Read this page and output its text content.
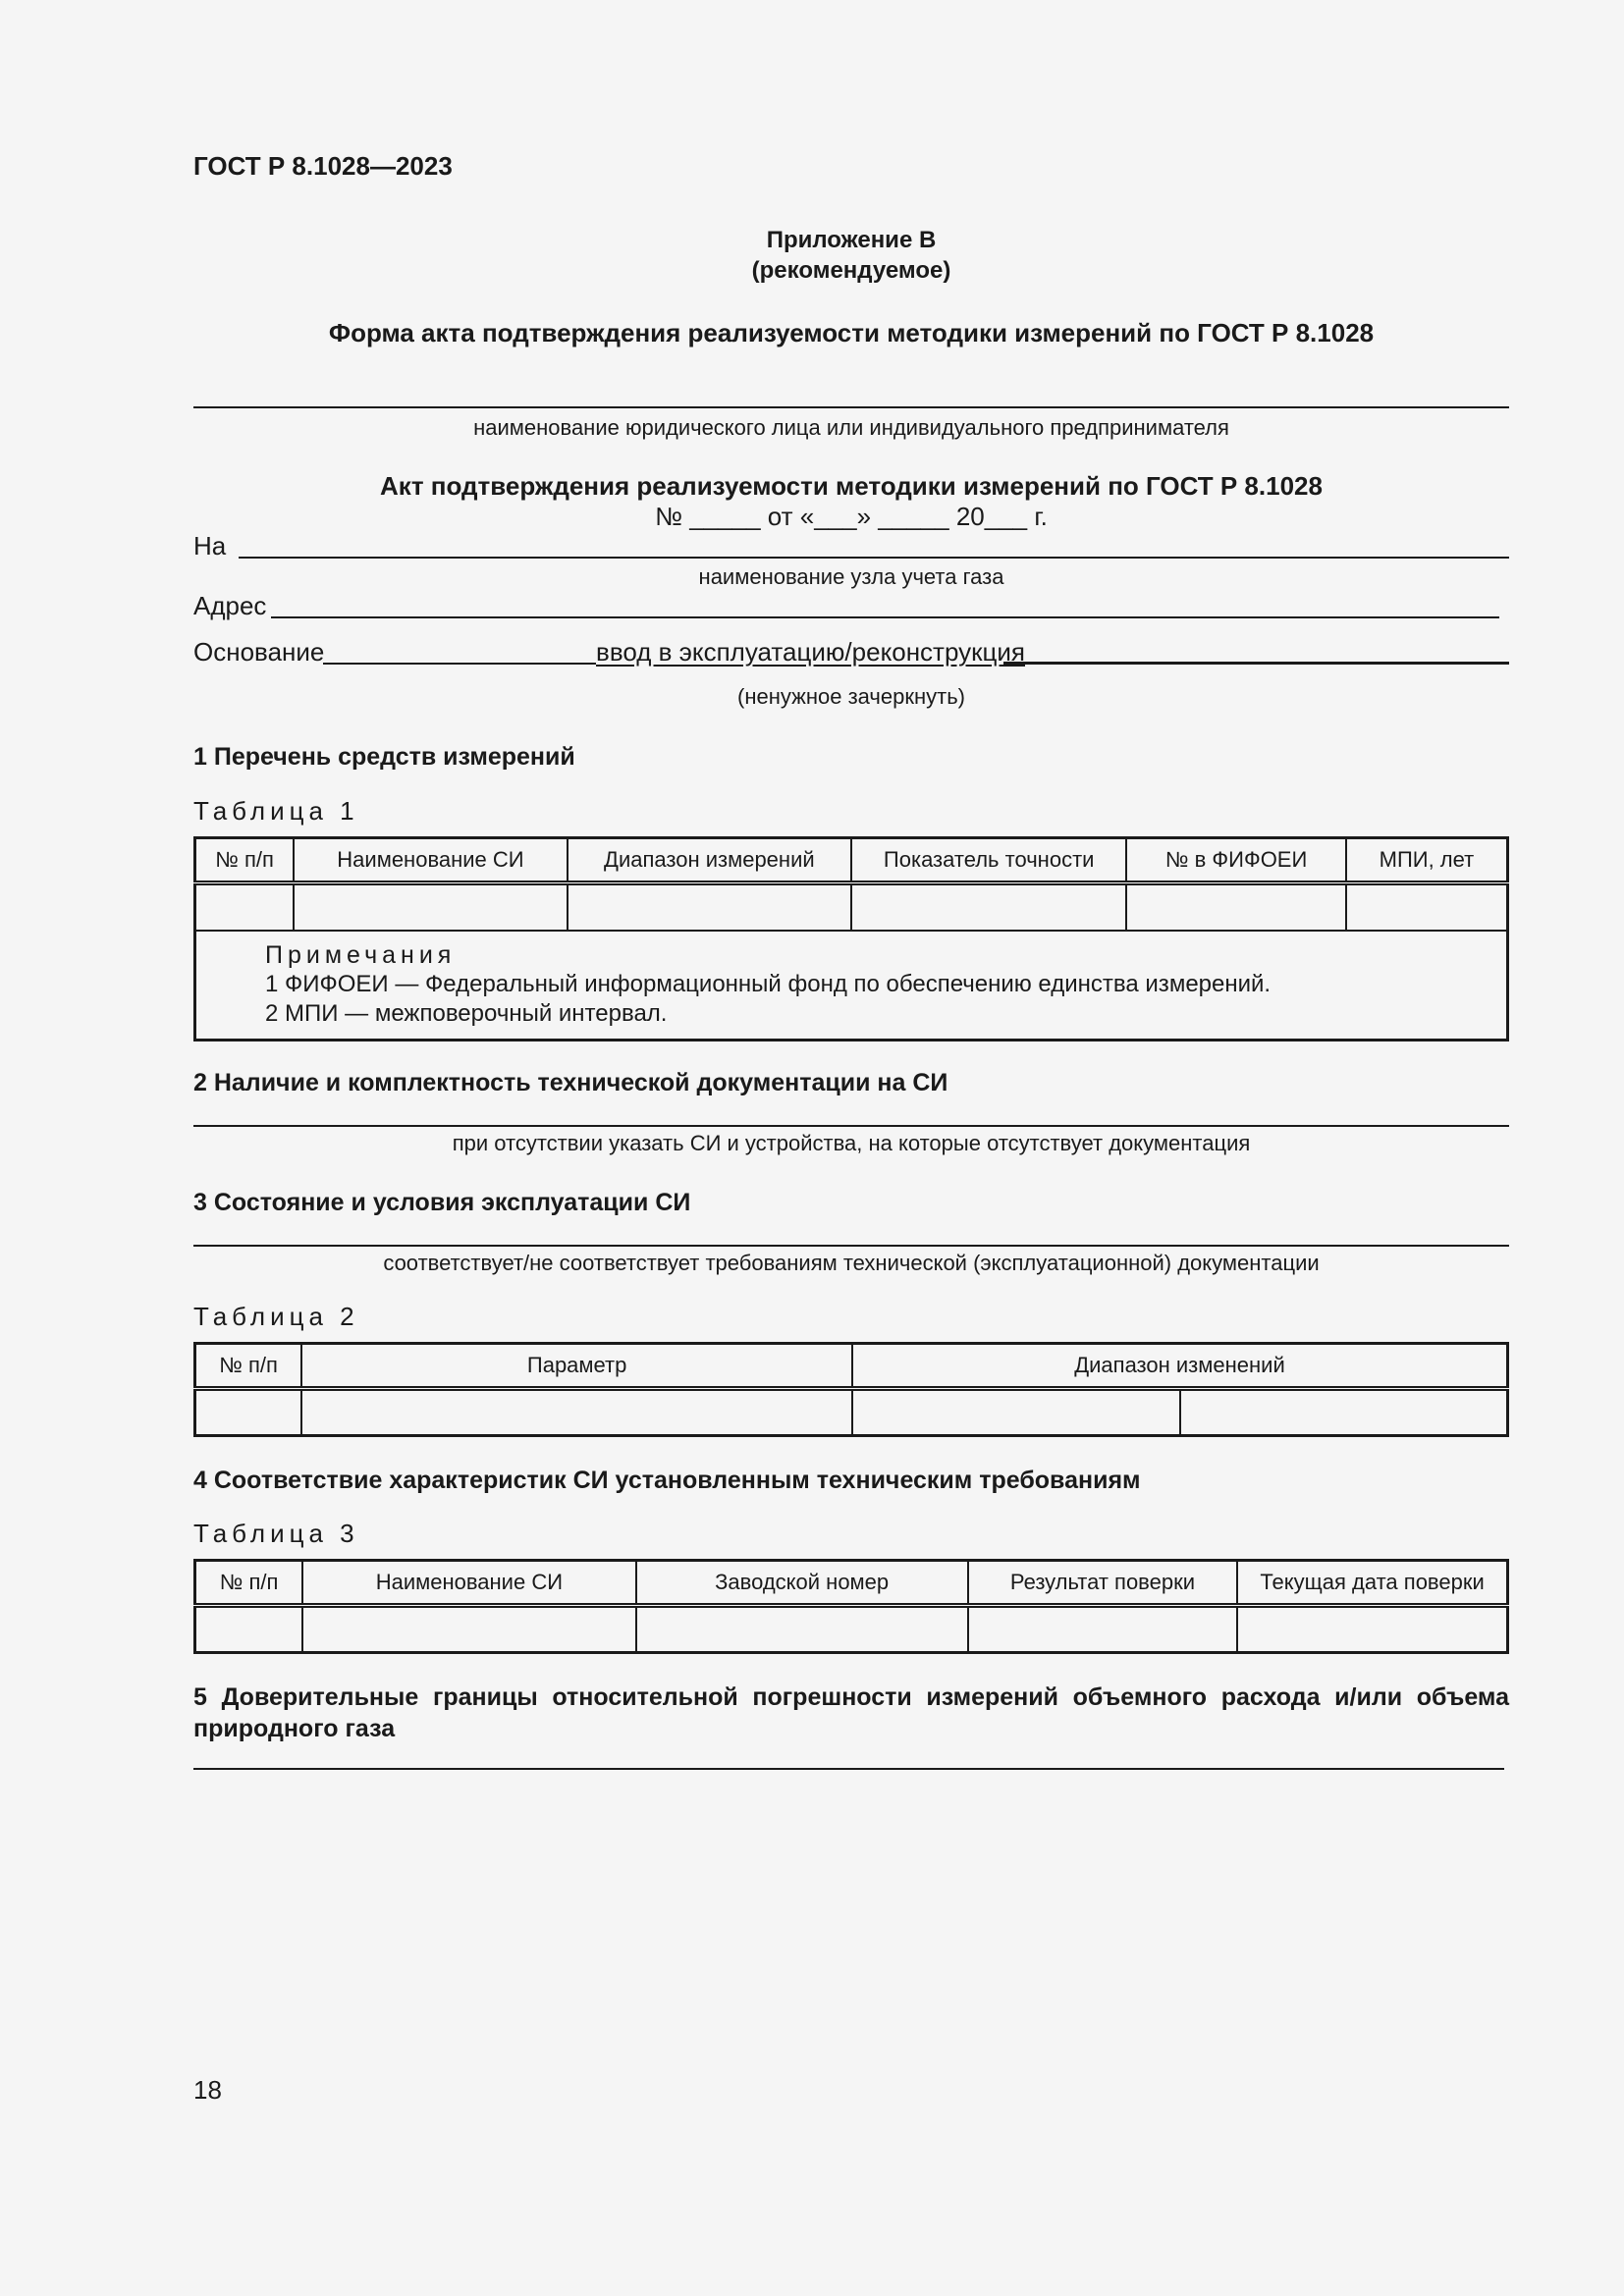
ГОСТ Р 8.1028—2023
Приложение В
(рекомендуемое)
Форма акта подтверждения реализуемости методики измерений по ГОСТ Р 8.1028
наименование юридического лица или индивидуального предпринимателя
Акт подтверждения реализуемости методики измерений по ГОСТ Р 8.1028
№ _____ от «___» _____ 20___ г.
На
наименование узла учета газа
Адрес
Основание	ввод в эксплуатацию/реконструкция
(ненужное зачеркнуть)
1 Перечень средств измерений
Таблица 1
№ п/п	Наименование СИ	Диапазон измерений	Показатель точности	№ в ФИФОЕИ	МПИ, лет

Примечания
1 ФИФОЕИ — Федеральный информационный фонд по обеспечению единства измерений.
2 МПИ — межповерочный интервал.					
2 Наличие и комплектность технической документации на СИ
при отсутствии указать СИ и устройства, на которые отсутствует документация
3 Состояние и условия эксплуатации СИ
соответствует/не соответствует требованиям технической (эксплуатационной) документации
Таблица 2
№ п/п	Параметр	Диапазон изменений	

4 Соответствие характеристик СИ установленным техническим требованиям
Таблица 3
№ п/п	Наименование СИ	Заводской номер	Результат поверки	Текущая дата поверки

5 Доверительные границы относительной погрешности измерений объемного расхода и/или объема природного газа
18
